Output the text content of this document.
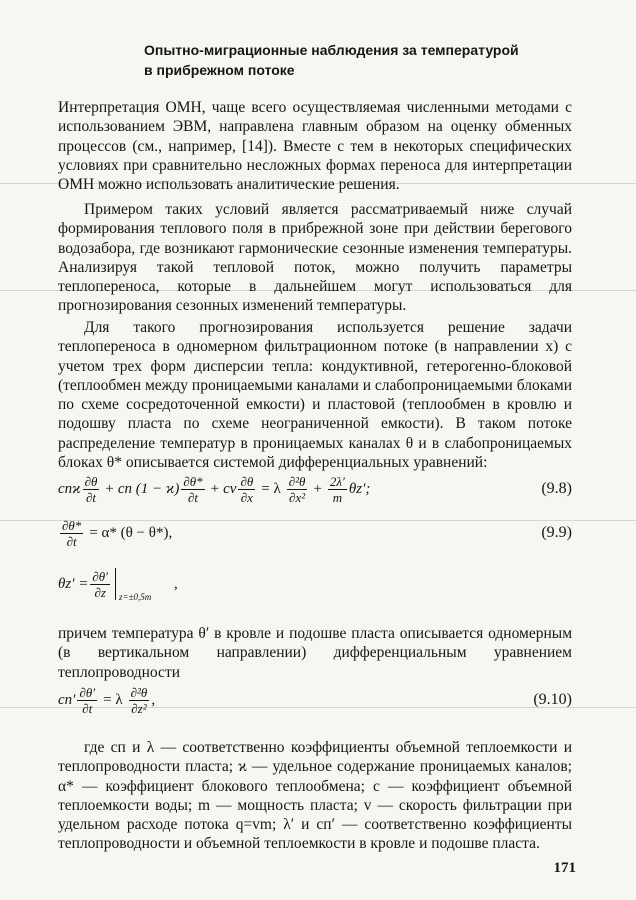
Опытно-миграционные наблюдения за температурой
в прибрежном потоке
Интерпретация ОМН, чаще всего осуществляемая численными методами с использованием ЭВМ, направлена главным образом на оценку обменных процессов (см., например, [14]). Вместе с тем в некоторых специфических условиях при сравнительно несложных формах переноса для интерпретации ОМН можно использовать аналитические решения.
Примером таких условий является рассматриваемый ниже случай формирования теплового поля в прибрежной зоне при действии берегового водозабора, где возникают гармонические сезонные изменения температуры. Анализируя такой тепловой поток, можно получить параметры теплопереноса, которые в дальнейшем могут использоваться для прогнозирования сезонных изменений температуры.
Для такого прогнозирования используется решение задачи теплопереноса в одномерном фильтрационном потоке (в направлении x) с учетом трех форм дисперсии тепла: кондуктивной, гетерогенно-блоковой (теплообмен между проницаемыми каналами и слабопроницаемыми блоками по схеме сосредоточенной емкости) и пластовой (теплообмен в кровлю и подошву пласта по схеме неограниченной емкости). В таком потоке распределение температур в проницаемых каналах θ и в слабопроницаемых блоках θ* описывается системой дифференциальных уравнений:
cпϰ $\frac{\partial\theta}{\partial t}$ + cп $(1 - ϰ) \frac{\partial\theta*}{\partial t}$ + cv $\frac{\partial\theta}{\partial x} = \lambda \frac{\text{∂²θ}}{\text{∂x²}} + \frac{2\lambda'}{m} \theta z'$;	(9.8)
$\frac{\partial\theta*}{\partial t} = \alpha*$ (θ − θ*),	(9.9)
$\theta z' = \frac{\partial\theta'}{\partial z} z=\pm 0,5m$
,
причем температура θ′ в кровле и подошве пласта описывается одномерным (в вертикальном направлении) дифференциальным уравнением теплопроводности
$cп' \frac{\partial\theta'}{\partial t} = \lambda \frac{\text{∂²θ}}{\text{∂z²}}$ ,	(9.10)
где cп и λ — соответственно коэффициенты объемной теплоемкости и теплопроводности пласта; ϰ — удельное содержание проницаемых каналов; α* — коэффициент блокового теплообмена; c — коэффициент объемной теплоемкости воды; m — мощность пласта; v — скорость фильтрации при удельном расходе потока q=vm; λ′ и cп′ — соответственно коэффициенты теплопроводности и объемной теплоемкости в кровле и подошве пласта.
171
